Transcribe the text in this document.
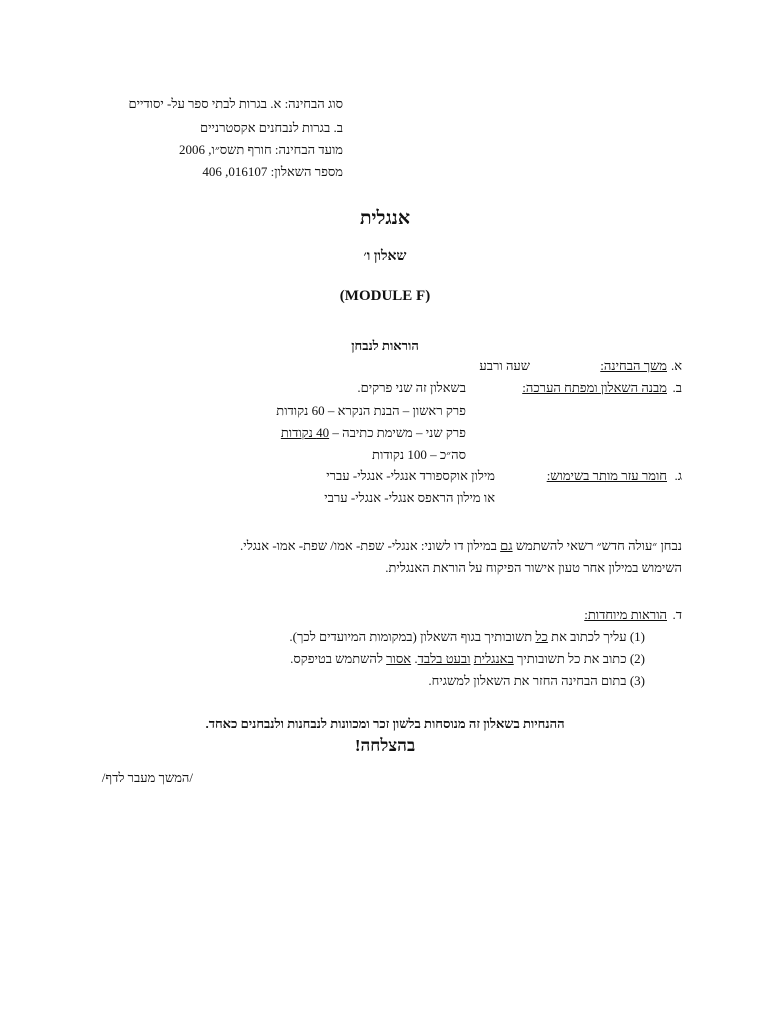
סוג הבחינה: א. בגרות לבתי ספר על- יסודיים
ב. בגרות לנבחנים אקסטרניים
מועד הבחינה: חורף תשס״ו, 2006
מספר השאלון: 016107, 406
אנגלית
שאלון ו׳
(MODULE F)
הוראות לנבחן
א.
משך הבחינה:
שעה ורבע
ב.
מבנה השאלון ומפתח הערכה:
בשאלון זה שני פרקים.
פרק ראשון – הבנת הנקרא – 60 נקודות
פרק שני – משימת כתיבה – 40 נקודות
סה״כ – 100 נקודות
ג.
חומר עזר מותר בשימוש:
מילון אוקספורד אנגלי- אנגלי- עברי
או מילון הראפס אנגלי- אנגלי- ערבי
נבחן ״עולה חדש״ רשאי להשתמש גם במילון דו לשוני: אנגלי- שפת- אמו/ שפת- אמו- אנגלי.
השימוש במילון אחר טעון אישור הפיקוח על הוראת האנגלית.
ד.
הוראות מיוחדות:
(1) עליך לכתוב את כל תשובותיך בגוף השאלון (במקומות המיועדים לכך).
(2) כתוב את כל תשובותיך באנגלית ובעט בלבד. אסור להשתמש בטיפקס.
(3) בתום הבחינה החזר את השאלון למשגיח.
ההנחיות בשאלון זה מנוסחות בלשון זכר ומכוונות לנבחנות ולנבחנים כאחד.
בהצלחה!
/המשך מעבר לדף/
